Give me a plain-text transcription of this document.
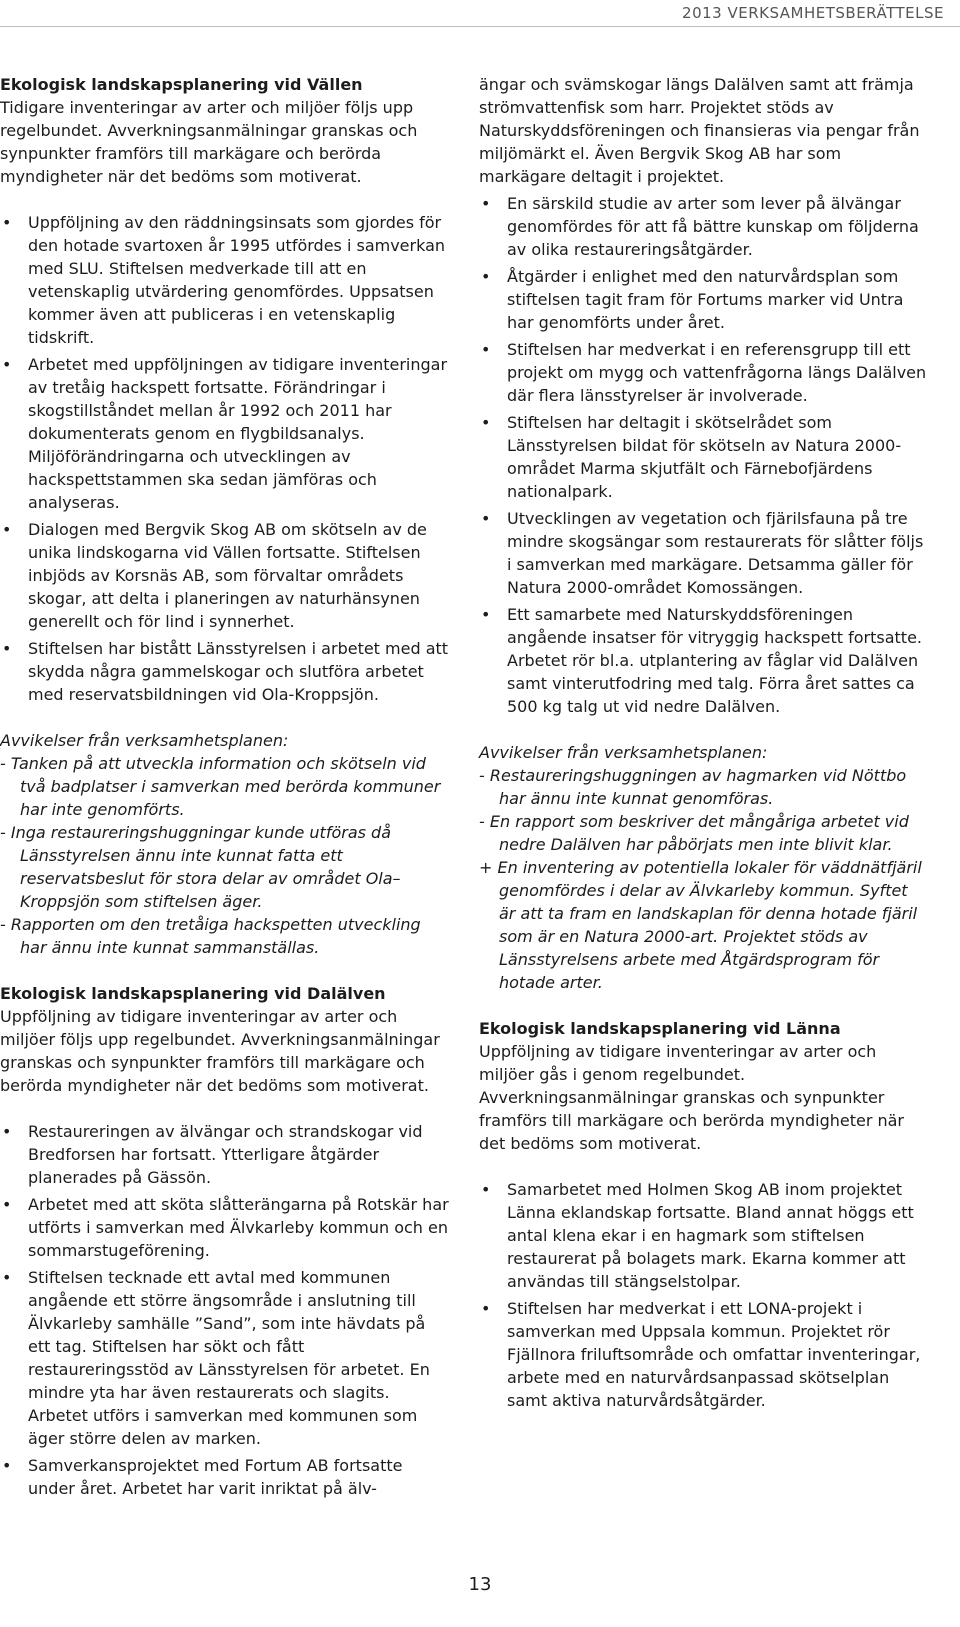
2013 VERKSAMHETSBERÄTTELSE
Ekologisk landskapsplanering vid Vällen
Tidigare inventeringar av arter och miljöer följs upp regelbundet. Avverkningsanmälningar granskas och synpunkter framförs till markägare och berörda myndigheter när det bedöms som motiverat.
• Uppföljning av den räddningsinsats som gjordes för den hotade svartoxen år 1995 utfördes i samverkan med SLU. Stiftelsen medverkade till att en vetenskaplig utvärdering genomfördes. Uppsatsen kommer även att publiceras i en vetenskaplig tidskrift.
• Arbetet med uppföljningen av tidigare inventeringar av tretåig hackspett fortsatte. Förändringar i skogstillståndet mellan år 1992 och 2011 har dokumenterats genom en flygbildsanalys. Miljöförändringarna och utvecklingen av hackspettstammen ska sedan jämföras och analyseras.
• Dialogen med Bergvik Skog AB om skötseln av de unika lindskogarna vid Vällen fortsatte. Stiftelsen inbjöds av Korsnäs AB, som förvaltar områdets skogar, att delta i planeringen av naturhänsynen generellt och för lind i synnerhet.
• Stiftelsen har bistått Länsstyrelsen i arbetet med att skydda några gammelskogar och slutföra arbetet med reservatsbildningen vid Ola-Kroppsjön.
Avvikelser från verksamhetsplanen:
- Tanken på att utveckla information och skötseln vid två badplatser i samverkan med berörda kommuner har inte genomförts.
- Inga restaureringshuggningar kunde utföras då Länsstyrelsen ännu inte kunnat fatta ett reservatsbeslut för stora delar av området Ola–Kroppsjön som stiftelsen äger.
- Rapporten om den tretåiga hackspetten utveckling har ännu inte kunnat sammanställas.
Ekologisk landskapsplanering vid Dalälven
Uppföljning av tidigare inventeringar av arter och miljöer följs upp regelbundet. Avverkningsanmälningar granskas och synpunkter framförs till markägare och berörda myndigheter när det bedöms som motiverat.
• Restaureringen av älvängar och strandskogar vid Bredforsen har fortsatt. Ytterligare åtgärder planerades på Gässön.
• Arbetet med att sköta slåtterängarna på Rotskär har utförts i samverkan med Älvkarleby kommun och en sommarstugeförening.
• Stiftelsen tecknade ett avtal med kommunen angående ett större ängsområde i anslutning till Älvkarleby samhälle ”Sand”, som inte hävdats på ett tag. Stiftelsen har sökt och fått restaureringsstöd av Länsstyrelsen för arbetet. En mindre yta har även restaurerats och slagits. Arbetet utförs i samverkan med kommunen som äger större delen av marken.
• Samverkansprojektet med Fortum AB fortsatte under året. Arbetet har varit inriktat på älv-
ängar och svämskogar längs Dalälven samt att främja strömvattenfisk som harr. Projektet stöds av Naturskyddsföreningen och finansieras via pengar från miljömärkt el. Även Bergvik Skog AB har som markägare deltagit i projektet.
• En särskild studie av arter som lever på älvängar genomfördes för att få bättre kunskap om följderna av olika restaureringsåtgärder.
• Åtgärder i enlighet med den naturvårdsplan som stiftelsen tagit fram för Fortums marker vid Untra har genomförts under året.
• Stiftelsen har medverkat i en referensgrupp till ett projekt om mygg och vattenfrågorna längs Dalälven där flera länsstyrelser är involverade.
• Stiftelsen har deltagit i skötselrådet som Länsstyrelsen bildat för skötseln av Natura 2000-området Marma skjutfält och Färnebofjärdens nationalpark.
• Utvecklingen av vegetation och fjärilsfauna på tre mindre skogsängar som restaurerats för slåtter följs i samverkan med markägare. Detsamma gäller för Natura 2000-området Komossängen.
• Ett samarbete med Naturskyddsföreningen angående insatser för vitryggig hackspett fortsatte. Arbetet rör bl.a. utplantering av fåglar vid Dalälven samt vinterutfodring med talg. Förra året sattes ca 500 kg talg ut vid nedre Dalälven.
Avvikelser från verksamhetsplanen:
- Restaureringshuggningen av hagmarken vid Nöttbo har ännu inte kunnat genomföras.
- En rapport som beskriver det mångåriga arbetet vid nedre Dalälven har påbörjats men inte blivit klar.
+ En inventering av potentiella lokaler för väddnätfjäril genomfördes i delar av Älvkarleby kommun. Syftet är att ta fram en landskaplan för denna hotade fjäril som är en Natura 2000-art. Projektet stöds av Länsstyrelsens arbete med Åtgärdsprogram för hotade arter.
Ekologisk landskapsplanering vid Länna
Uppföljning av tidigare inventeringar av arter och miljöer gås i genom regelbundet. Avverkningsanmälningar granskas och synpunkter framförs till markägare och berörda myndigheter när det bedöms som motiverat.
• Samarbetet med Holmen Skog AB inom projektet Länna eklandskap fortsatte. Bland annat höggs ett antal klena ekar i en hagmark som stiftelsen restaurerat på bolagets mark. Ekarna kommer att användas till stängselstolpar.
• Stiftelsen har medverkat i ett LONA-projekt i samverkan med Uppsala kommun. Projektet rör Fjällnora friluftsområde och omfattar inventeringar, arbete med en naturvårdsanpassad skötselplan samt aktiva naturvårdsåtgärder.
13
